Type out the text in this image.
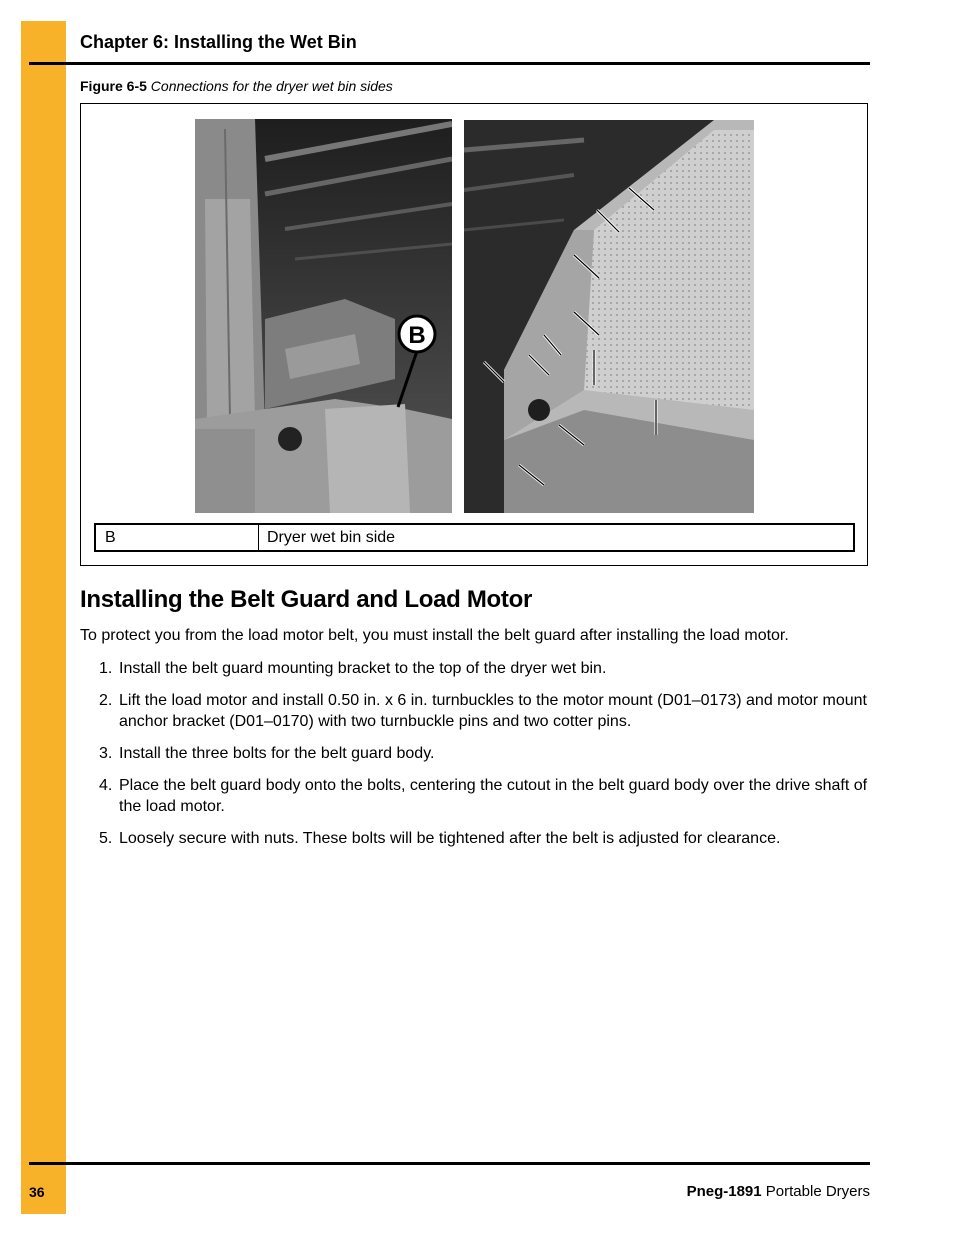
Chapter 6: Installing the Wet Bin
Figure 6-5 Connections for the dryer wet bin sides
B
B	Dryer wet bin side
Installing the Belt Guard and Load Motor
To protect you from the load motor belt, you must install the belt guard after installing the load motor.
1. Install the belt guard mounting bracket to the top of the dryer wet bin.
2. Lift the load motor and install 0.50 in. x 6 in. turnbuckles to the motor mount (D01–0173) and motor mount anchor bracket (D01–0170) with two turnbuckle pins and two cotter pins.
3. Install the three bolts for the belt guard body.
4. Place the belt guard body onto the bolts, centering the cutout in the belt guard body over the drive shaft of the load motor.
5. Loosely secure with nuts. These bolts will be tightened after the belt is adjusted for clearance.
36	Pneg-1891 Portable Dryers
